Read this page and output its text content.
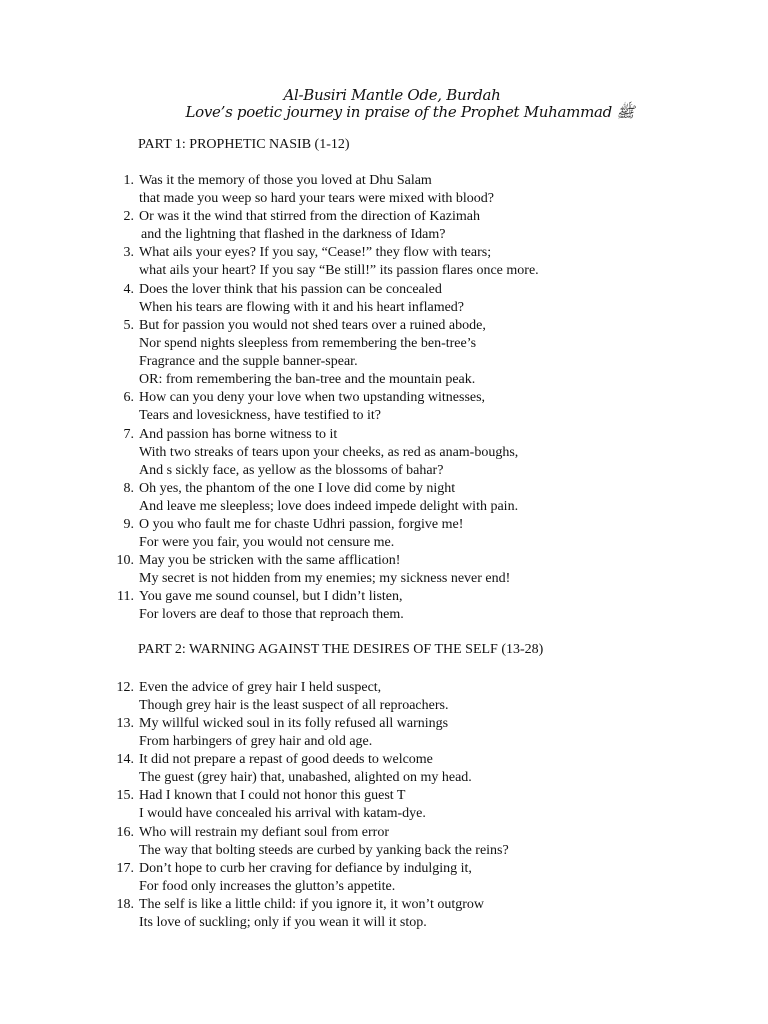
Al-Busiri Mantle Ode, Burdah
Love’s poetic journey in praise of the Prophet Muhammad ﷺ
PART 1: PROPHETIC NASIB (1-12)
1. Was it the memory of those you loved at Dhu Salam
that made you weep so hard your tears were mixed with blood?
2. Or was it the wind that stirred from the direction of Kazimah
and the lightning that flashed in the darkness of Idam?
3. What ails your eyes? If you say, “Cease!” they flow with tears;
what ails your heart? If you say “Be still!” its passion flares once more.
4. Does the lover think that his passion can be concealed
When his tears are flowing with it and his heart inflamed?
5. But for passion you would not shed tears over a ruined abode,
Nor spend nights sleepless from remembering the ben-tree’s
Fragrance and the supple banner-spear.
OR: from remembering the ban-tree and the mountain peak.
6. How can you deny your love when two upstanding witnesses,
Tears and lovesickness, have testified to it?
7. And passion has borne witness to it
With two streaks of tears upon your cheeks, as red as anam-boughs,
And s sickly face, as yellow as the blossoms of bahar?
8. Oh yes, the phantom of the one I love did come by night
And leave me sleepless; love does indeed impede delight with pain.
9. O you who fault me for chaste Udhri passion, forgive me!
For were you fair, you would not censure me.
10. May you be stricken with the same afflication!
My secret is not hidden from my enemies; my sickness never end!
11. You gave me sound counsel, but I didn’t listen,
For lovers are deaf to those that reproach them.
PART 2: WARNING AGAINST THE DESIRES OF THE SELF (13-28)
12. Even the advice of grey hair I held suspect,
Though grey hair is the least suspect of all reproachers.
13. My willful wicked soul in its folly refused all warnings
From harbingers of grey hair and old age.
14. It did not prepare a repast of good deeds to welcome
The guest (grey hair) that, unabashed, alighted on my head.
15. Had I known that I could not honor this guest T
I would have concealed his arrival with katam-dye.
16. Who will restrain my defiant soul from error
The way that bolting steeds are curbed by yanking back the reins?
17. Don’t hope to curb her craving for defiance by indulging it,
For food only increases the glutton’s appetite.
18. The self is like a little child: if you ignore it, it won’t outgrow
Its love of suckling; only if you wean it will it stop.
